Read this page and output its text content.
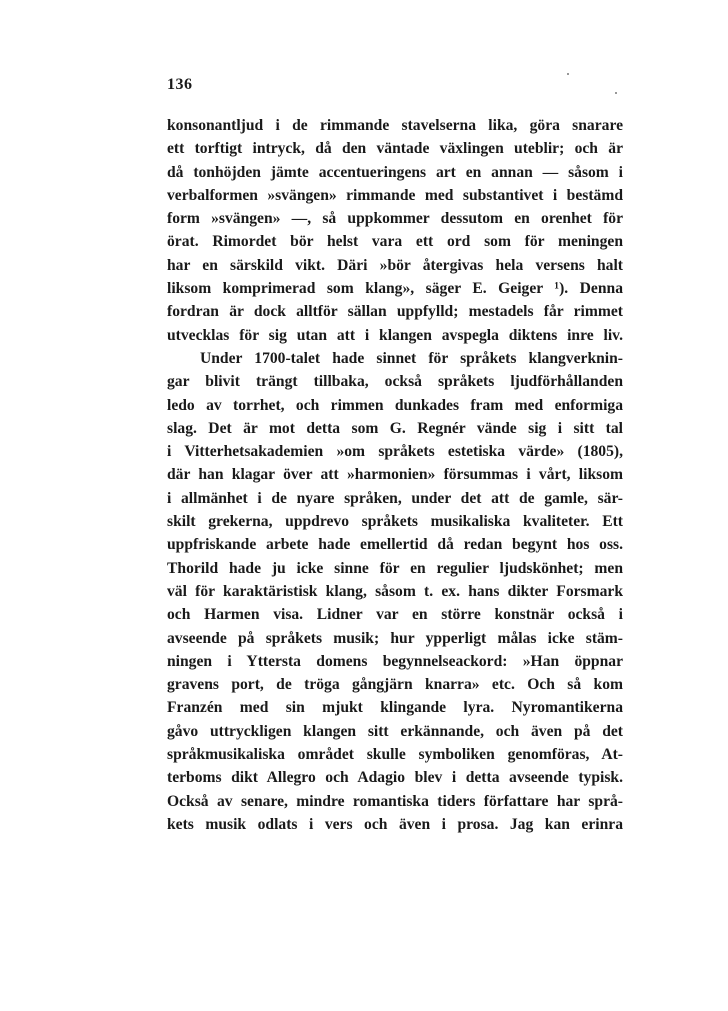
136
konsonantljud i de rimmande stavelserna lika, göra snarare
ett torftigt intryck, då den väntade växlingen uteblir; och är
då tonhöjden jämte accentueringens art en annan — såsom i
verbalformen »svängen» rimmande med substantivet i bestämd
form »svängen» —, så uppkommer dessutom en orenhet för
örat. Rimordet bör helst vara ett ord som för meningen
har en särskild vikt. Däri »bör återgivas hela versens halt
liksom komprimerad som klang», säger E. Geiger ¹). Denna
fordran är dock alltför sällan uppfylld; mestadels får rimmet
utvecklas för sig utan att i klangen avspegla diktens inre liv.
Under 1700-talet hade sinnet för språkets klangverknin-
gar blivit trängt tillbaka, också språkets ljudförhållanden
ledo av torrhet, och rimmen dunkades fram med enformiga
slag. Det är mot detta som G. Regnér vände sig i sitt tal
i Vitterhetsakademien »om språkets estetiska värde» (1805),
där han klagar över att »harmonien» försummas i vårt, liksom
i allmänhet i de nyare språken, under det att de gamle, sär-
skilt grekerna, uppdrevo språkets musikaliska kvaliteter. Ett
uppfriskande arbete hade emellertid då redan begynt hos oss.
Thorild hade ju icke sinne för en regulier ljudskönhet; men
väl för karaktäristisk klang, såsom t. ex. hans dikter Forsmark
och Harmen visa. Lidner var en större konstnär också i
avseende på språkets musik; hur ypperligt målas icke stäm-
ningen i Yttersta domens begynnelseackord: »Han öppnar
gravens port, de tröga gångjärn knarra» etc. Och så kom
Franzén med sin mjukt klingande lyra. Nyromantikerna
gåvo uttryckligen klangen sitt erkännande, och även på det
språkmusikaliska området skulle symboliken genomföras, At-
terboms dikt Allegro och Adagio blev i detta avseende typisk.
Också av senare, mindre romantiska tiders författare har språ-
kets musik odlats i vers och även i prosa. Jag kan erinra
